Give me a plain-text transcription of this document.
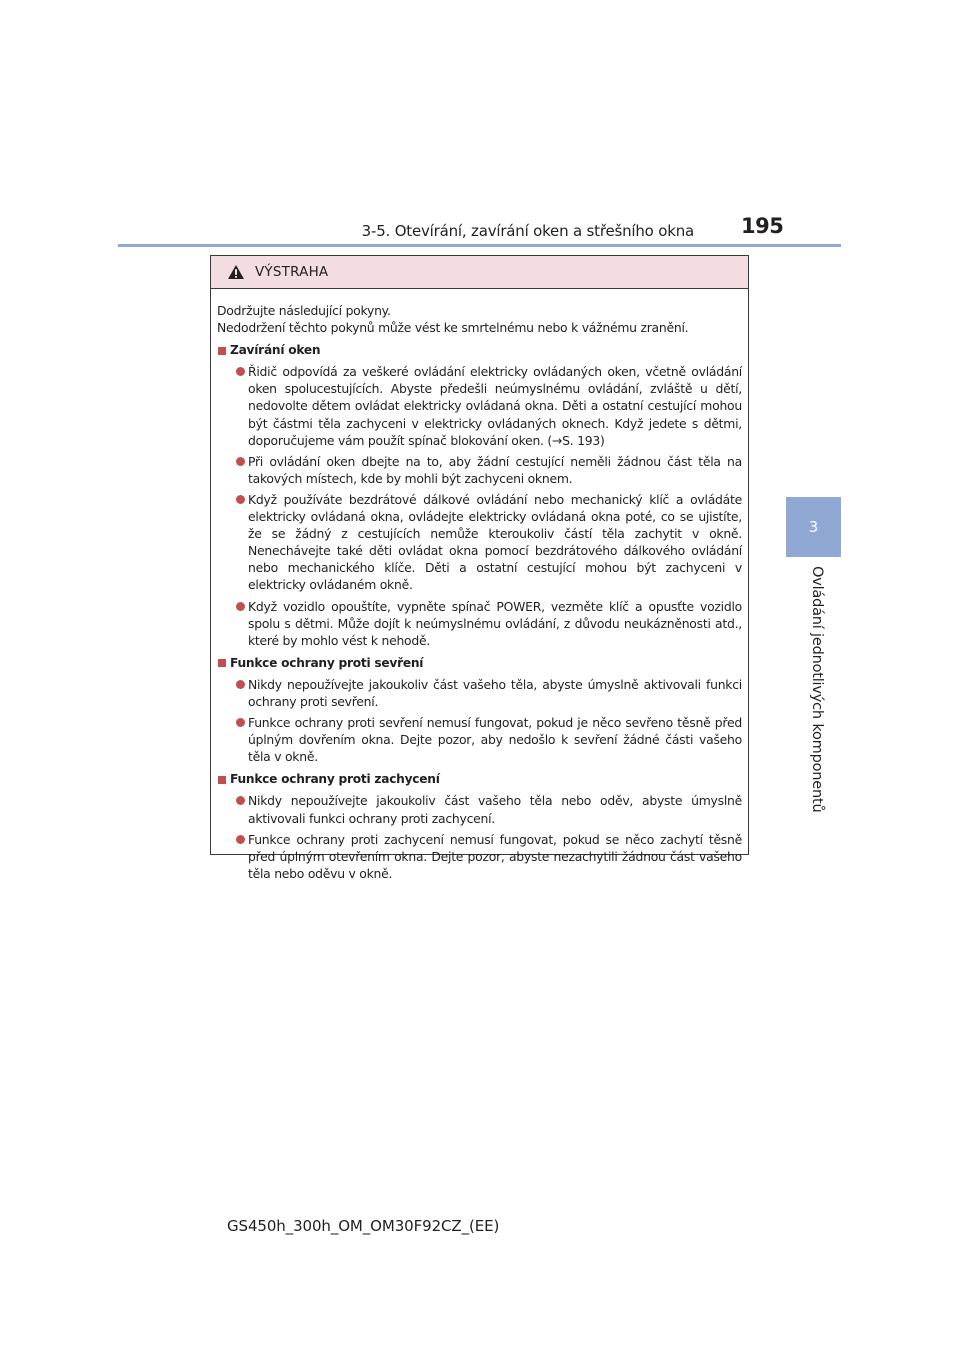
3-5. Otevírání, zavírání oken a střešního okna 195
3
Ovládání jednotlivých komponentů
VÝSTRAHA

Dodržujte následující pokyny.

Nedodržení těchto pokynů může vést ke smrtelnému nebo k vážnému zranění.

Zavírání oken
Řidič odpovídá za veškeré ovládání elektricky ovládaných oken, včetně ovládání oken spolucestujících. Abyste předešli neúmyslnému ovládání, zvláště u dětí, nedovolte dětem ovládat elektricky ovládaná okna. Děti a ostatní cestující mohou být částmi těla zachyceni v elektricky ovládaných oknech. Když jedete s dětmi, doporučujeme vám použít spínač blokování oken. (→S. 193)
Při ovládání oken dbejte na to, aby žádní cestující neměli žádnou část těla na takových místech, kde by mohli být zachyceni oknem.
Když používáte bezdrátové dálkové ovládání nebo mechanický klíč a ovládáte elektricky ovládaná okna, ovládejte elektricky ovládaná okna poté, co se ujistíte, že se žádný z cestujících nemůže kteroukoliv částí těla zachytit v okně. Nenechávejte také děti ovládat okna pomocí bezdrátového dálkového ovládání nebo mechanického klíče. Děti a ostatní cestující mohou být zachyceni v elektricky ovládaném okně.
Když vozidlo opouštíte, vypněte spínač POWER, vezměte klíč a opusťte vozidlo spolu s dětmi. Může dojít k neúmyslnému ovládání, z důvodu neukázněnosti atd., které by mohlo vést k nehodě.
Funkce ochrany proti sevření
Nikdy nepoužívejte jakoukoliv část vašeho těla, abyste úmyslně aktivovali funkci ochrany proti sevření.
Funkce ochrany proti sevření nemusí fungovat, pokud je něco sevřeno těsně před úplným dovřením okna. Dejte pozor, aby nedošlo k sevření žádné části vašeho těla v okně.
Funkce ochrany proti zachycení
Nikdy nepoužívejte jakoukoliv část vašeho těla nebo oděv, abyste úmyslně aktivovali funkci ochrany proti zachycení.
Funkce ochrany proti zachycení nemusí fungovat, pokud se něco zachytí těsně před úplným otevřením okna. Dejte pozor, abyste nezachytili žádnou část vašeho těla nebo oděvu v okně.
GS450h_300h_OM_OM30F92CZ_(EE)
